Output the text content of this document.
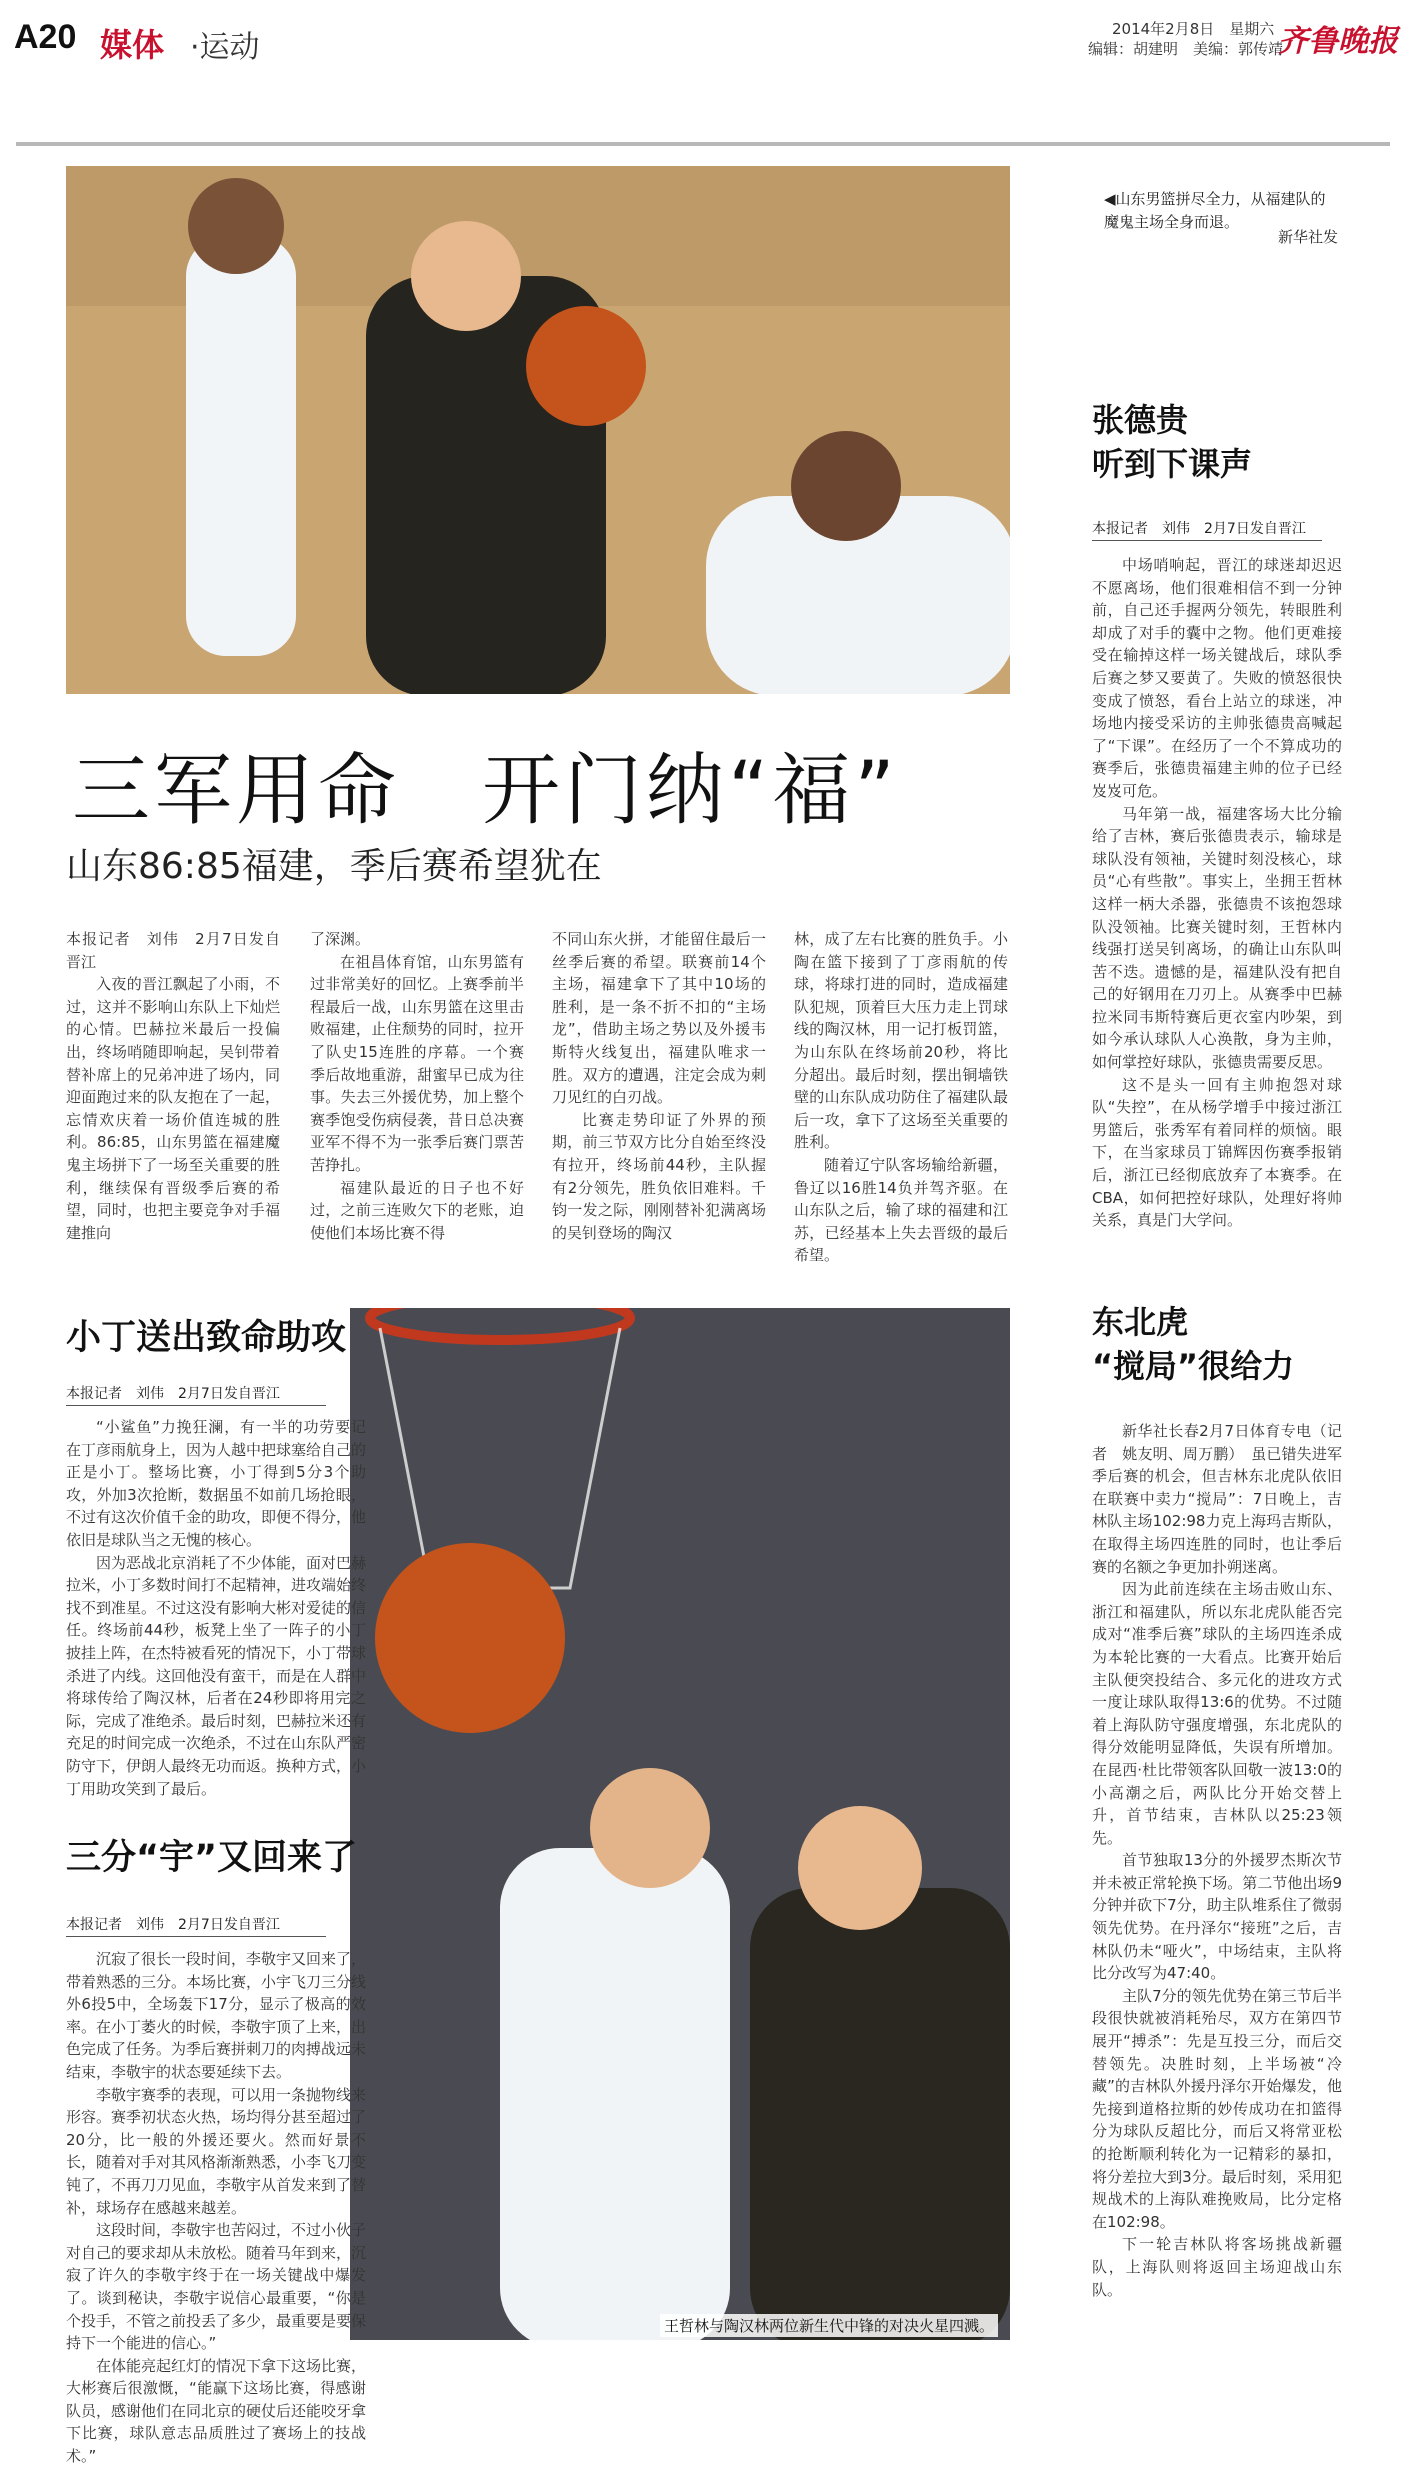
A20 媒体 ·运动
2014年2月8日　星期六
编辑：胡建明　美编：郭传靖
齐鲁晚报
◀山东男篮拼尽全力，从福建队的魔鬼主场全身而退。
新华社发
三军用命　开门纳“福”
山东86:85福建，季后赛希望犹在

本报记者　刘伟　2月7日发自晋江

入夜的晋江飘起了小雨，不过，这并不影响山东队上下灿烂的心情。巴赫拉米最后一投偏出，终场哨随即响起，吴钊带着替补席上的兄弟冲进了场内，同迎面跑过来的队友抱在了一起，忘情欢庆着一场价值连城的胜利。86:85，山东男篮在福建魔鬼主场拼下了一场至关重要的胜利，继续保有晋级季后赛的希望，同时，也把主要竞争对手福建推向

了深渊。

在祖昌体育馆，山东男篮有过非常美好的回忆。上赛季前半程最后一战，山东男篮在这里击败福建，止住颓势的同时，拉开了队史15连胜的序幕。一个赛季后故地重游，甜蜜早已成为往事。失去三外援优势，加上整个赛季饱受伤病侵袭，昔日总决赛亚军不得不为一张季后赛门票苦苦挣扎。

福建队最近的日子也不好过，之前三连败欠下的老账，迫使他们本场比赛不得

不同山东火拼，才能留住最后一丝季后赛的希望。联赛前14个主场，福建拿下了其中10场的胜利，是一条不折不扣的“主场龙”，借助主场之势以及外援韦斯特火线复出，福建队唯求一胜。双方的遭遇，注定会成为刺刀见红的白刃战。

比赛走势印证了外界的预期，前三节双方比分自始至终没有拉开，终场前44秒，主队握有2分领先，胜负依旧难料。千钧一发之际，刚刚替补犯满离场的吴钊登场的陶汉

林，成了左右比赛的胜负手。小陶在篮下接到了丁彦雨航的传球，将球打进的同时，造成福建队犯规，顶着巨大压力走上罚球线的陶汉林，用一记打板罚篮，为山东队在终场前20秒，将比分超出。最后时刻，摆出铜墙铁壁的山东队成功防住了福建队最后一攻，拿下了这场至关重要的胜利。

随着辽宁队客场输给新疆，鲁辽以16胜14负并驾齐驱。在山东队之后，输了球的福建和江苏，已经基本上失去晋级的最后希望。

张德贵
听到下课声
本报记者　刘伟　2月7日发自晋江

中场哨响起，晋江的球迷却迟迟不愿离场，他们很难相信不到一分钟前，自己还手握两分领先，转眼胜利却成了对手的囊中之物。他们更难接受在输掉这样一场关键战后，球队季后赛之梦又要黄了。失败的愤怒很快变成了愤怒，看台上站立的球迷，冲场地内接受采访的主帅张德贵高喊起了“下课”。在经历了一个不算成功的赛季后，张德贵福建主帅的位子已经岌岌可危。

马年第一战，福建客场大比分输给了吉林，赛后张德贵表示，输球是球队没有领袖，关键时刻没核心，球员“心有些散”。事实上，坐拥王哲林这样一柄大杀器，张德贵不该抱怨球队没领袖。比赛关键时刻，王哲林内线强打送吴钊离场，的确让山东队叫苦不迭。遗憾的是，福建队没有把自己的好钢用在刀刃上。从赛季中巴赫拉米同韦斯特赛后更衣室内吵架，到如今承认球队人心涣散，身为主帅，如何掌控好球队，张德贵需要反思。

这不是头一回有主帅抱怨对球队“失控”，在从杨学增手中接过浙江男篮后，张秀军有着同样的烦恼。眼下，在当家球员丁锦辉因伤赛季报销后，浙江已经彻底放弃了本赛季。在CBA，如何把控好球队，处理好将帅关系，真是门大学问。

东北虎
“搅局”很给力

新华社长春2月7日体育专电（记者　姚友明、周万鹏）　虽已错失进军季后赛的机会，但吉林东北虎队依旧在联赛中卖力“搅局”：7日晚上，吉林队主场102:98力克上海玛吉斯队，在取得主场四连胜的同时，也让季后赛的名额之争更加扑朔迷离。

因为此前连续在主场击败山东、浙江和福建队，所以东北虎队能否完成对“准季后赛”球队的主场四连杀成为本轮比赛的一大看点。比赛开始后主队便突投结合、多元化的进攻方式一度让球队取得13:6的优势。不过随着上海队防守强度增强，东北虎队的得分效能明显降低，失误有所增加。在昆西·杜比带领客队回敬一波13:0的小高潮之后，两队比分开始交替上升，首节结束，吉林队以25:23领先。

首节独取13分的外援罗杰斯次节并未被正常轮换下场。第二节他出场9分钟并砍下7分，助主队堆系住了微弱领先优势。在丹泽尔“接班”之后，吉林队仍未“哑火”，中场结束，主队将比分改写为47:40。

主队7分的领先优势在第三节后半段很快就被消耗殆尽，双方在第四节展开“搏杀”：先是互投三分，而后交替领先。决胜时刻，上半场被“冷藏”的吉林队外援丹泽尔开始爆发，他先接到道格拉斯的妙传成功在扣篮得分为球队反超比分，而后又将常亚松的抢断顺利转化为一记精彩的暴扣，将分差拉大到3分。最后时刻，采用犯规战术的上海队难挽败局，比分定格在102:98。

下一轮吉林队将客场挑战新疆队，上海队则将返回主场迎战山东队。

王哲林与陶汉林两位新生代中锋的对决火星四溅。
小丁送出致命助攻
本报记者　刘伟　2月7日发自晋江

“小鲨鱼”力挽狂澜，有一半的功劳要记在丁彦雨航身上，因为人越中把球塞给自己的正是小丁。整场比赛，小丁得到5分3个助攻，外加3次抢断，数据虽不如前几场抢眼，不过有这次价值千金的助攻，即便不得分，他依旧是球队当之无愧的核心。

因为恶战北京消耗了不少体能，面对巴赫拉米，小丁多数时间打不起精神，进攻端始终找不到准星。不过这没有影响大彬对爱徒的信任。终场前44秒，板凳上坐了一阵子的小丁披挂上阵，在杰特被看死的情况下，小丁带球杀进了内线。这回他没有蛮干，而是在人群中将球传给了陶汉林，后者在24秒即将用完之际，完成了准绝杀。最后时刻，巴赫拉米还有充足的时间完成一次绝杀，不过在山东队严密防守下，伊朗人最终无功而返。换种方式，小丁用助攻笑到了最后。

三分“宇”又回来了
本报记者　刘伟　2月7日发自晋江

沉寂了很长一段时间，李敬宇又回来了，带着熟悉的三分。本场比赛，小宇飞刀三分线外6投5中，全场轰下17分，显示了极高的效率。在小丁萎火的时候，李敬宇顶了上来，出色完成了任务。为季后赛拼刺刀的肉搏战远未结束，李敬宇的状态要延续下去。

李敬宇赛季的表现，可以用一条抛物线来形容。赛季初状态火热，场均得分甚至超过了20分，比一般的外援还要火。然而好景不长，随着对手对其风格渐渐熟悉，小李飞刀变钝了，不再刀刀见血，李敬宇从首发来到了替补，球场存在感越来越差。

这段时间，李敬宇也苦闷过，不过小伙子对自己的要求却从未放松。随着马年到来，沉寂了许久的李敬宇终于在一场关键战中爆发了。谈到秘诀，李敬宇说信心最重要，“你是个投手，不管之前投丢了多少，最重要是要保持下一个能进的信心。”

在体能亮起红灯的情况下拿下这场比赛，大彬赛后很激慨，“能赢下这场比赛，得感谢队员，感谢他们在同北京的硬仗后还能咬牙拿下比赛，球队意志品质胜过了赛场上的技战术。”
